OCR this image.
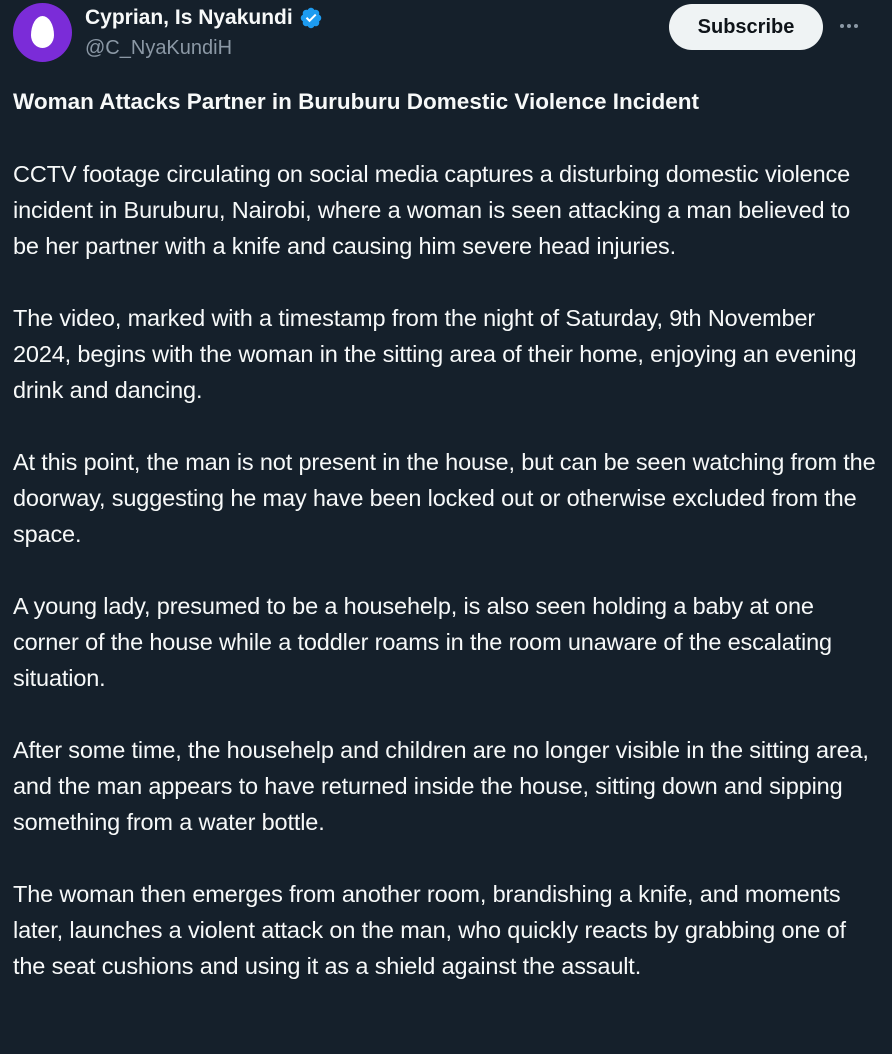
Cyprian, Is Nyakundi
@C_NyaKundiH
Subscribe
Woman Attacks Partner in Buruburu Domestic Violence Incident

CCTV footage circulating on social media captures a disturbing domestic violence incident in Buruburu, Nairobi, where a woman is seen attacking a man believed to be her partner with a knife and causing him severe head injuries.

The video, marked with a timestamp from the night of Saturday, 9th November 2024, begins with the woman in the sitting area of their home, enjoying an evening drink and dancing.

At this point, the man is not present in the house, but can be seen watching from the doorway, suggesting he may have been locked out or otherwise excluded from the space.

A young lady, presumed to be a househelp, is also seen holding a baby at one corner of the house while a toddler roams in the room unaware of the escalating situation.

After some time, the househelp and children are no longer visible in the sitting area, and the man appears to have returned inside the house, sitting down and sipping something from a water bottle.

The woman then emerges from another room, brandishing a knife, and moments later, launches a violent attack on the man, who quickly reacts by grabbing one of the seat cushions and using it as a shield against the assault.
